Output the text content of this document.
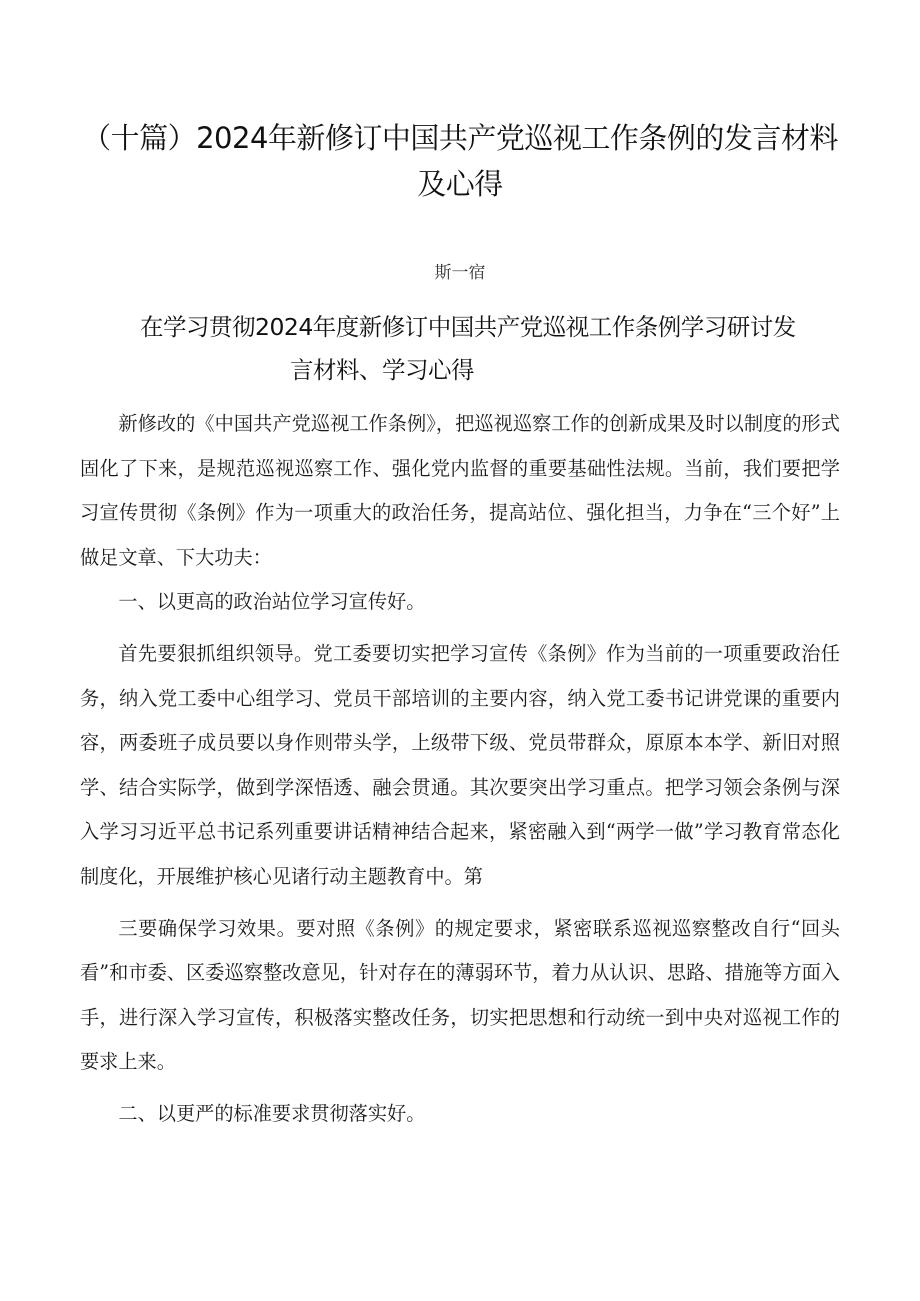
（十篇）2024年新修订中国共产党巡视工作条例的发言材料及心得
斯一宿
在学习贯彻2024年度新修订中国共产党巡视工作条例学习研讨发
言材料、学习心得

新修改的《中国共产党巡视工作条例》，把巡视巡察工作的创新成果及时以制度的形式固化了下来，是规范巡视巡察工作、强化党内监督的重要基础性法规。当前，我们要把学习宣传贯彻《条例》作为一项重大的政治任务，提高站位、强化担当，力争在“三个好”上做足文章、下大功夫：

一、以更高的政治站位学习宣传好。

首先要狠抓组织领导。党工委要切实把学习宣传《条例》作为当前的一项重要政治任务，纳入党工委中心组学习、党员干部培训的主要内容，纳入党工委书记讲党课的重要内容，两委班子成员要以身作则带头学，上级带下级、党员带群众，原原本本学、新旧对照学、结合实际学，做到学深悟透、融会贯通。其次要突出学习重点。把学习领会条例与深入学习习近平总书记系列重要讲话精神结合起来，紧密融入到“两学一做”学习教育常态化制度化，开展维护核心见诸行动主题教育中。第

三要确保学习效果。要对照《条例》的规定要求，紧密联系巡视巡察整改自行“回头看”和市委、区委巡察整改意见，针对存在的薄弱环节，着力从认识、思路、措施等方面入手，进行深入学习宣传，积极落实整改任务，切实把思想和行动统一到中央对巡视工作的要求上来。

二、以更严的标准要求贯彻落实好。
